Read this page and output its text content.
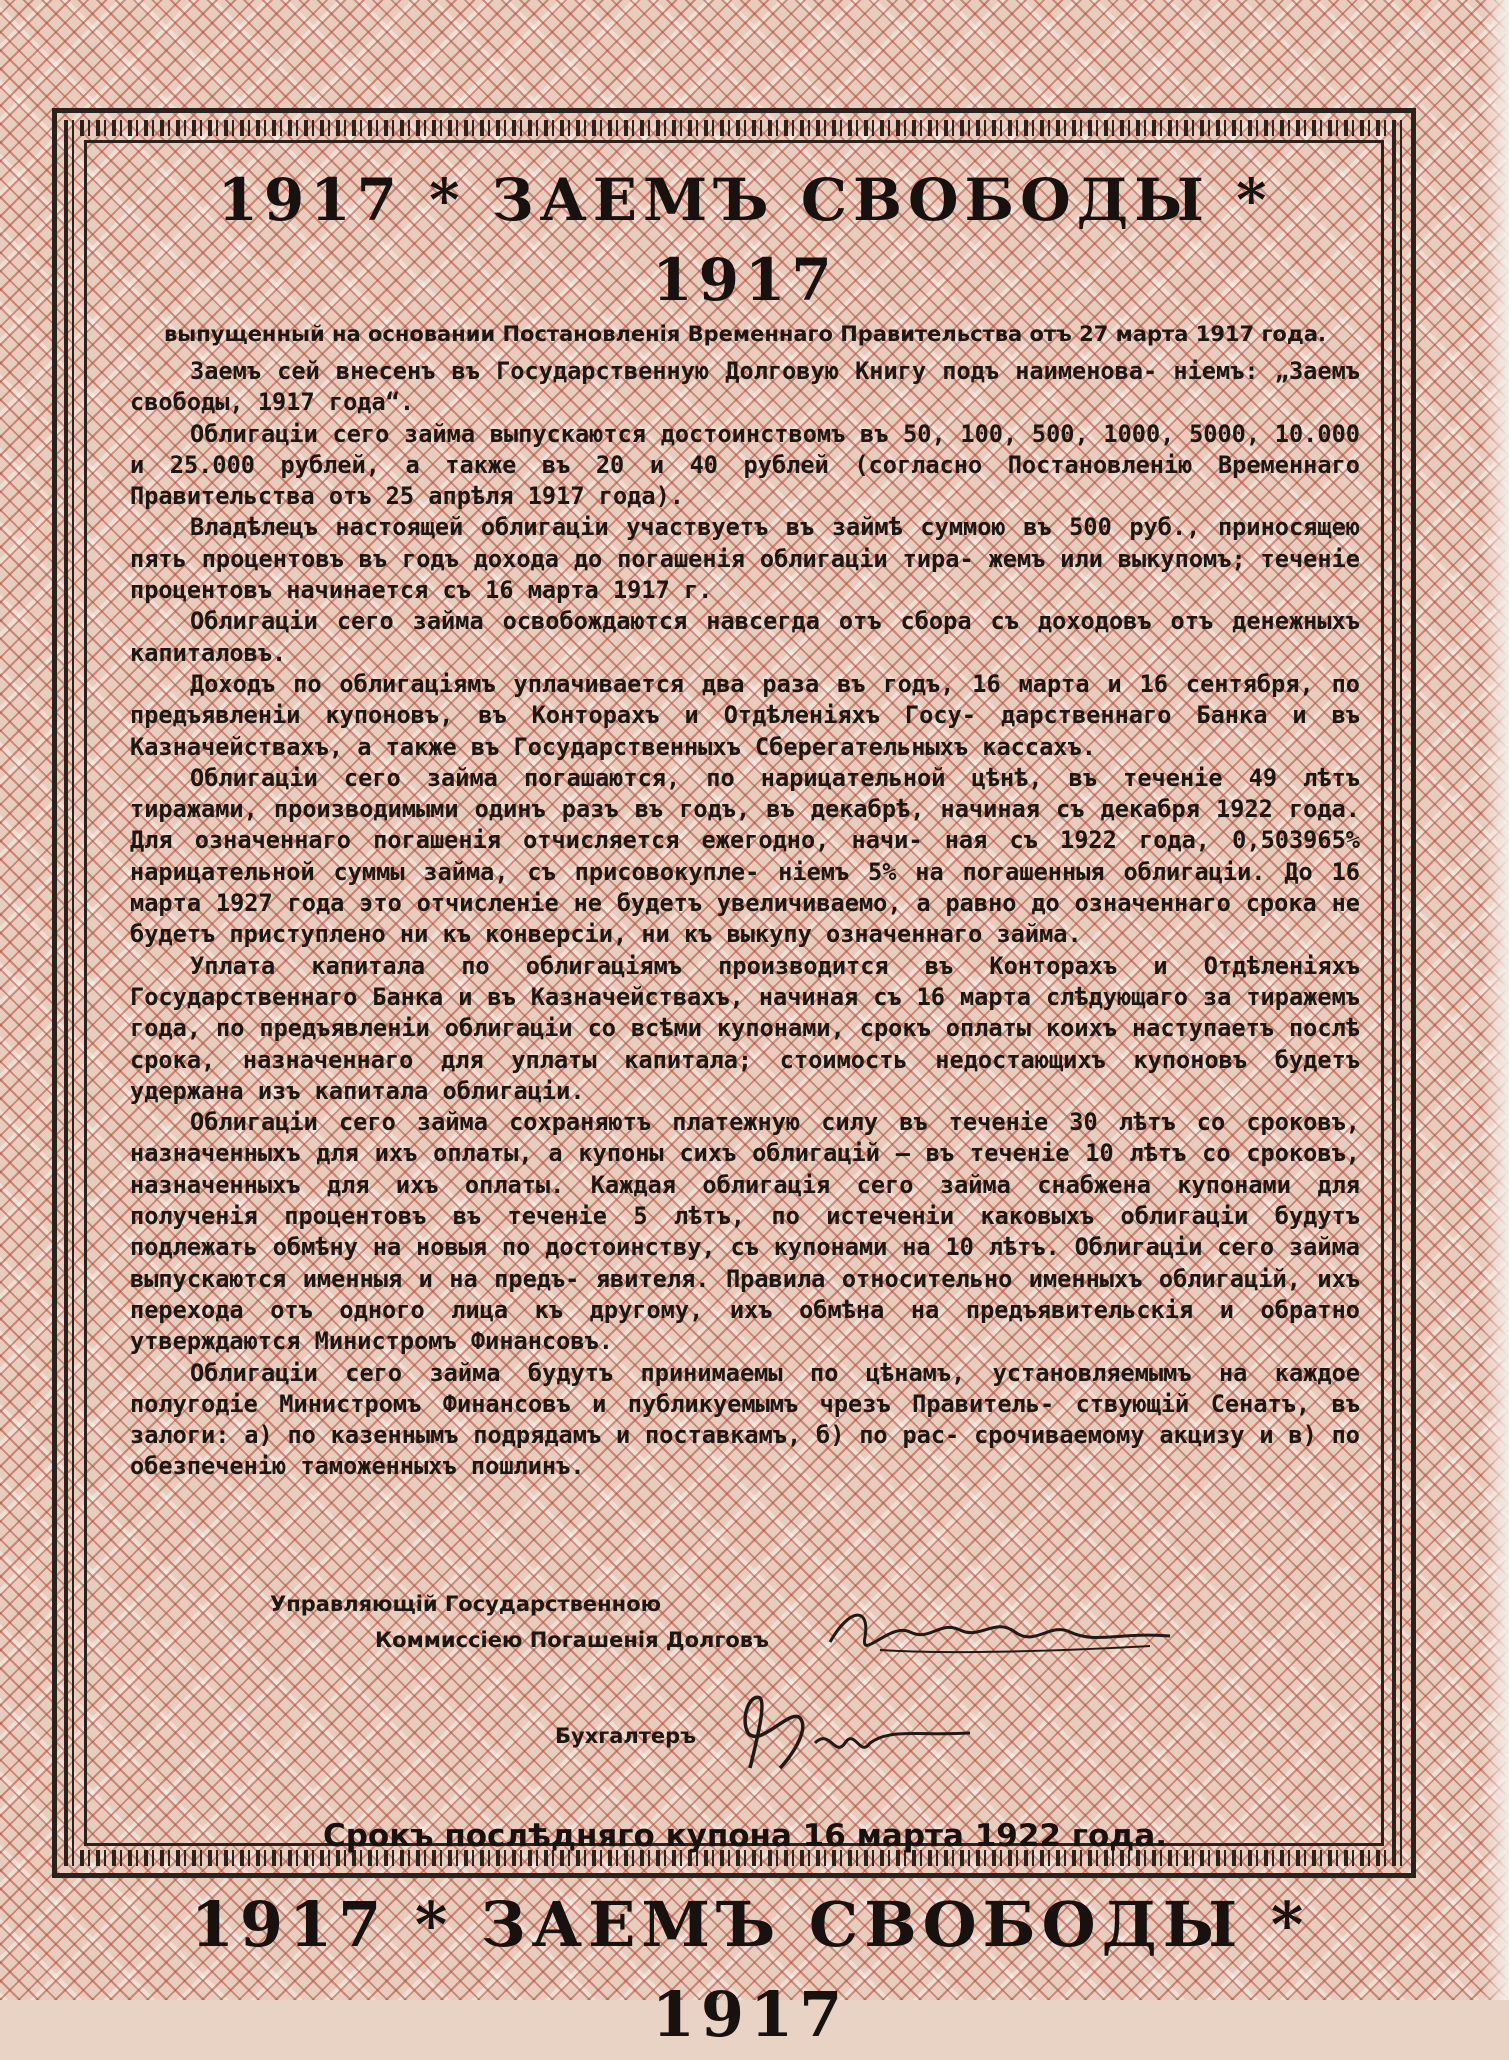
1917 * ЗАЕМЪ СВОБОДЫ * 1917
выпущенный на основании Постановленія Временнаго Правительства отъ 27 марта 1917 года.

Заемъ сей внесенъ въ Государственную Долговую Книгу подъ наименова- ніемъ: „Заемъ свободы, 1917 года“.

Облигаціи сего займа выпускаются достоинствомъ въ 50, 100, 500, 1000, 5000, 10.000 и 25.000 рублей, а также въ 20 и 40 рублей (согласно Постановленію Временнаго Правительства отъ 25 апрѣля 1917 года).

Владѣлецъ настоящей облигаціи участвуетъ въ займѣ суммою въ 500 руб., приносящею пять процентовъ въ годъ дохода до погашенія облигаціи тира- жемъ или выкупомъ; теченіе процентовъ начинается съ 16 марта 1917 г.

Облигаціи сего займа освобождаются навсегда отъ сбора съ доходовъ отъ денежныхъ капиталовъ.

Доходъ по облигаціямъ уплачивается два раза въ годъ, 16 марта и 16 сентября, по предъявленіи купоновъ, въ Конторахъ и Отдѣленіяхъ Госу- дарственнаго Банка и въ Казначействахъ, а также въ Государственныхъ Сберегательныхъ кассахъ.

Облигаціи сего займа погашаются, по нарицательной цѣнѣ, въ теченіе 49 лѣтъ тиражами, производимыми одинъ разъ въ годъ, въ декабрѣ, начиная съ декабря 1922 года. Для означеннаго погашенія отчисляется ежегодно, начи- ная съ 1922 года, 0,503965% нарицательной суммы займа, съ присовокупле- ніемъ 5% на погашенныя облигаціи. До 16 марта 1927 года это отчисленіе не будетъ увеличиваемо, а равно до означеннаго срока не будетъ приступлено ни къ конверсіи, ни къ выкупу означеннаго займа.

Уплата капитала по облигаціямъ производится въ Конторахъ и Отдѣленіяхъ Государственнаго Банка и въ Казначействахъ, начиная съ 16 марта слѣдующаго за тиражемъ года, по предъявленіи облигаціи со всѣми купонами, срокъ оплаты коихъ наступаетъ послѣ срока, назначеннаго для уплаты капитала; стоимость недостающихъ купоновъ будетъ удержана изъ капитала облигаціи.

Облигаціи сего займа сохраняютъ платежную силу въ теченіе 30 лѣтъ со сроковъ, назначенныхъ для ихъ оплаты, а купоны сихъ облигацій — въ теченіе 10 лѣтъ со сроковъ, назначенныхъ для ихъ оплаты. Каждая облигація сего займа снабжена купонами для полученія процентовъ въ теченіе 5 лѣтъ, по истеченіи каковыхъ облигаціи будутъ подлежать обмѣну на новыя по достоинству, съ купонами на 10 лѣтъ. Облигаціи сего займа выпускаются именныя и на предъ- явителя. Правила относительно именныхъ облигацій, ихъ перехода отъ одного лица къ другому, ихъ обмѣна на предъявительскія и обратно утверждаются Министромъ Финансовъ.

Облигаціи сего займа будутъ принимаемы по цѣнамъ, установляемымъ на каждое полугодіе Министромъ Финансовъ и публикуемымъ чрезъ Правитель- ствующій Сенатъ, въ залоги: а) по казеннымъ подрядамъ и поставкамъ, б) по рас- срочиваемому акцизу и в) по обезпеченію таможенныхъ пошлинъ.

Управляющій Государственною
Коммиссіею Погашенія Долговъ
Бухгалтеръ
Срокъ послѣдняго купона 16 марта 1922 года.
1917 * ЗАЕМЪ СВОБОДЫ * 1917
